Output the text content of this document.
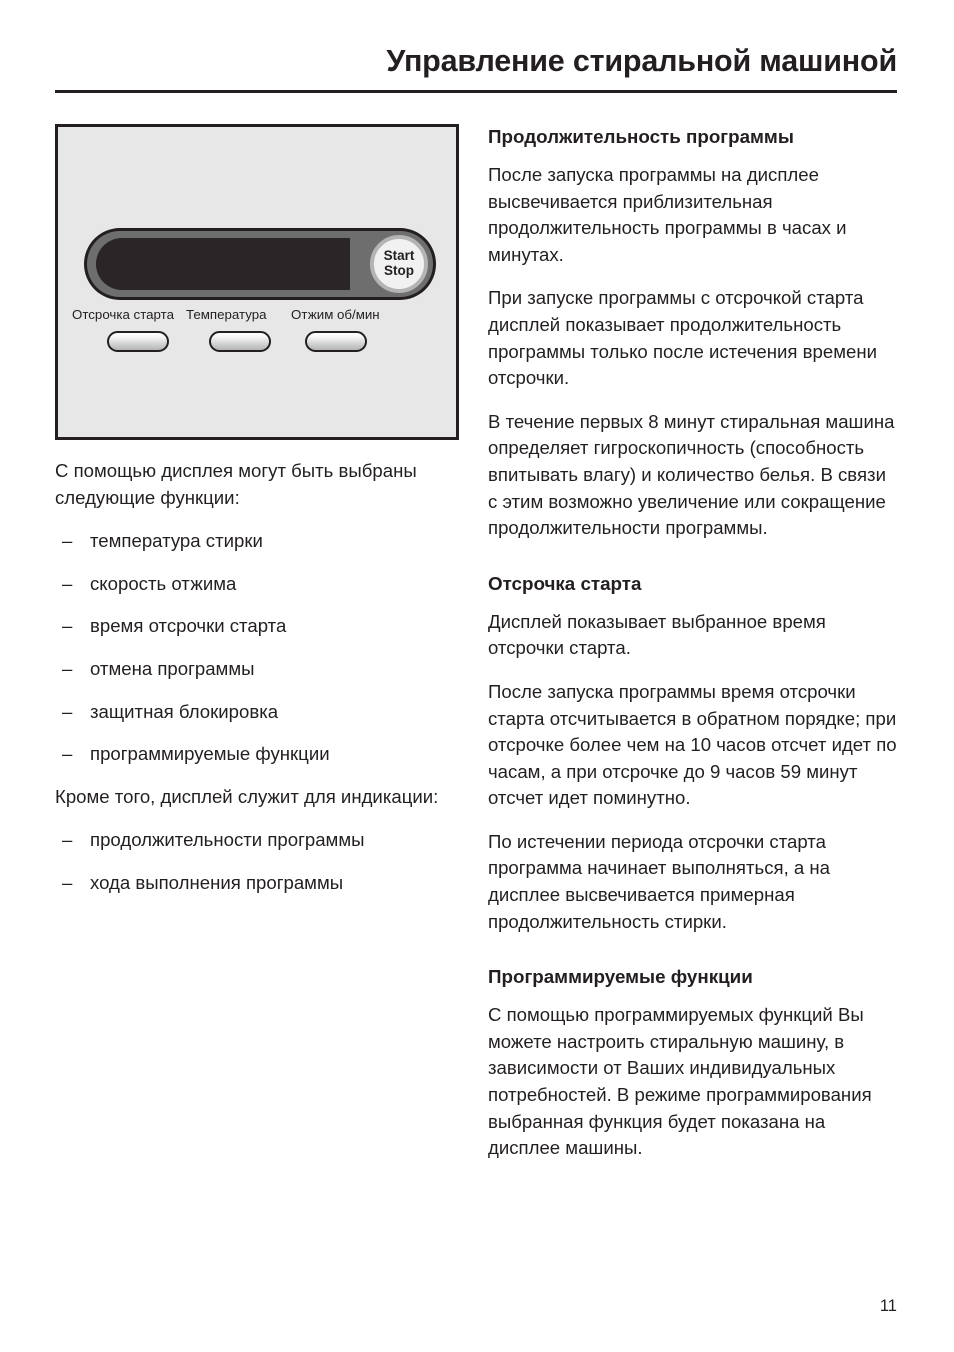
Управление стиральной машиной
Start
Stop
Отсрочка старта Температура Отжим об/мин

С помощью дисплея могут быть выбраны следующие функции:

– температура стирки
– скорость отжима
– время отсрочки старта
– отмена программы
– защитная блокировка
– программируемые функции

Кроме того, дисплей служит для индикации:

– продолжительности программы
– хода выполнения программы
Продолжительность программы

После запуска программы на дисплее высвечивается приблизительная продолжительность программы в часах и минутах.

При запуске программы с отсрочкой старта дисплей показывает продолжительность программы только после истечения времени отсрочки.

В течение первых 8 минут стиральная машина определяет гигроскопичность (способность впитывать влагу) и количество белья. В связи с этим возможно увеличение или сокращение продолжительности программы.

Отсрочка старта

Дисплей показывает выбранное время отсрочки старта.

После запуска программы время отсрочки старта отсчитывается в обратном порядке; при отсрочке более чем на 10 часов отсчет идет по часам, а при отсрочке до 9 часов 59 минут отсчет идет поминутно.

По истечении периода отсрочки старта программа начинает выполняться, а на дисплее высвечивается примерная продолжительность стирки.

Программируемые функции

С помощью программируемых функций Вы можете настроить стиральную машину, в зависимости от Ваших индивидуальных потребностей. В режиме программирования выбранная функция будет показана на дисплее машины.

11
